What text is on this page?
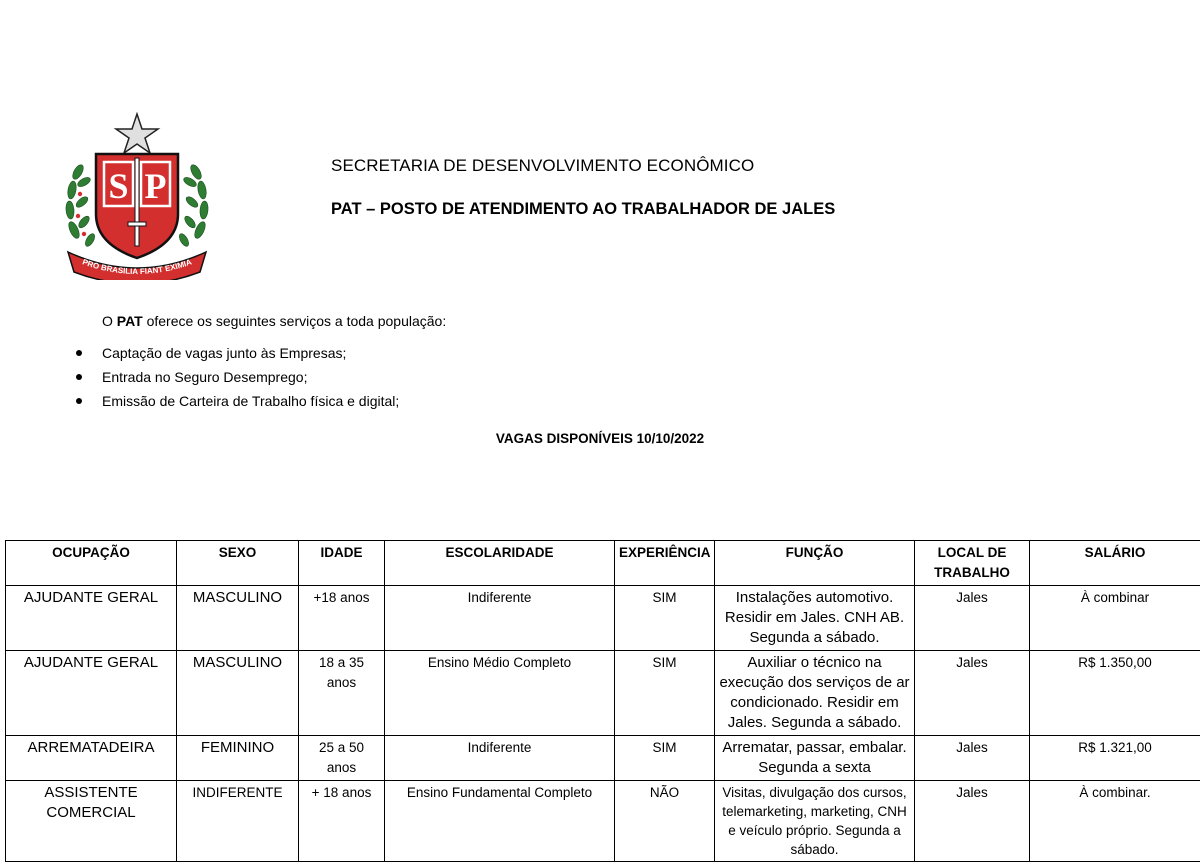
S P
PRO BRASILIA FIANT EXIMIA
SECRETARIA DE DESENVOLVIMENTO ECONÔMICO
PAT – POSTO DE ATENDIMENTO AO TRABALHADOR DE JALES
O PAT oferece os seguintes serviços a toda população:
Captação de vagas junto às Empresas;
Entrada no Seguro Desemprego;
Emissão de Carteira de Trabalho física e digital;
VAGAS DISPONÍVEIS 10/10/2022
OCUPAÇÃO	SEXO	IDADE	ESCOLARIDADE	EXPERIÊNCIA	FUNÇÃO	LOCAL DE TRABALHO	SALÁRIO
AJUDANTE GERAL	MASCULINO	+18 anos	Indiferente	SIM	Instalações automotivo. Residir em Jales. CNH AB. Segunda a sábado.	Jales	À combinar
AJUDANTE GERAL	MASCULINO	18 a 35 anos	Ensino Médio Completo	SIM	Auxiliar o técnico na execução dos serviços de ar condicionado. Residir em Jales. Segunda a sábado.	Jales	R$ 1.350,00
ARREMATADEIRA	FEMININO	25 a 50 anos	Indiferente	SIM	Arrematar, passar, embalar. Segunda a sexta	Jales	R$ 1.321,00
ASSISTENTE COMERCIAL	INDIFERENTE	+ 18 anos	Ensino Fundamental Completo	NÃO	Visitas, divulgação dos cursos, telemarketing, marketing, CNH e veículo próprio. Segunda a sábado.	Jales	À combinar.
